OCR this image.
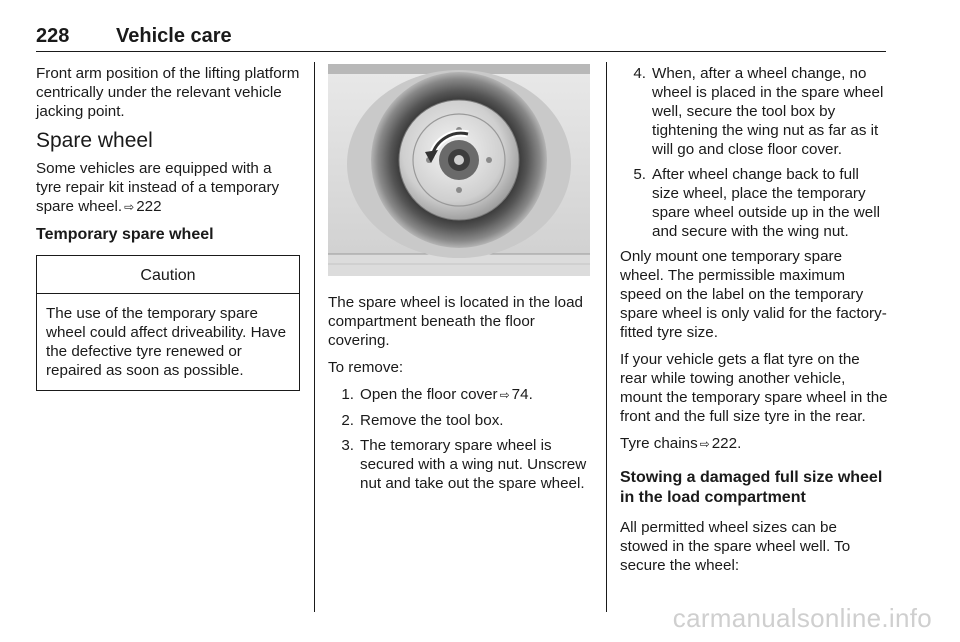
228 Vehicle care

Front arm position of the lifting platform centrically under the relevant vehicle jacking point.

Spare wheel

Some vehicles are equipped with a tyre repair kit instead of a temporary spare wheel. ⇨ 222

Temporary spare wheel
Caution
The use of the temporary spare wheel could affect driveability. Have the defective tyre renewed or repaired as soon as possible.

The spare wheel is located in the load compartment beneath the floor covering.

To remove:

1. Open the floor cover ⇨ 74.
2. Remove the tool box.
3. The temorary spare wheel is secured with a wing nut. Unscrew nut and take out the spare wheel.
4. When, after a wheel change, no wheel is placed in the spare wheel well, secure the tool box by tightening the wing nut as far as it will go and close floor cover.
5. After wheel change back to full size wheel, place the temporary spare wheel outside up in the well and secure with the wing nut.

Only mount one temporary spare wheel. The permissible maximum speed on the label on the temporary spare wheel is only valid for the factory-fitted tyre size.

If your vehicle gets a flat tyre on the rear while towing another vehicle, mount the temporary spare wheel in the front and the full size tyre in the rear.

Tyre chains ⇨ 222.

Stowing a damaged full size wheel in the load compartment

All permitted wheel sizes can be stowed in the spare wheel well. To secure the wheel:

carmanualsonline.info
